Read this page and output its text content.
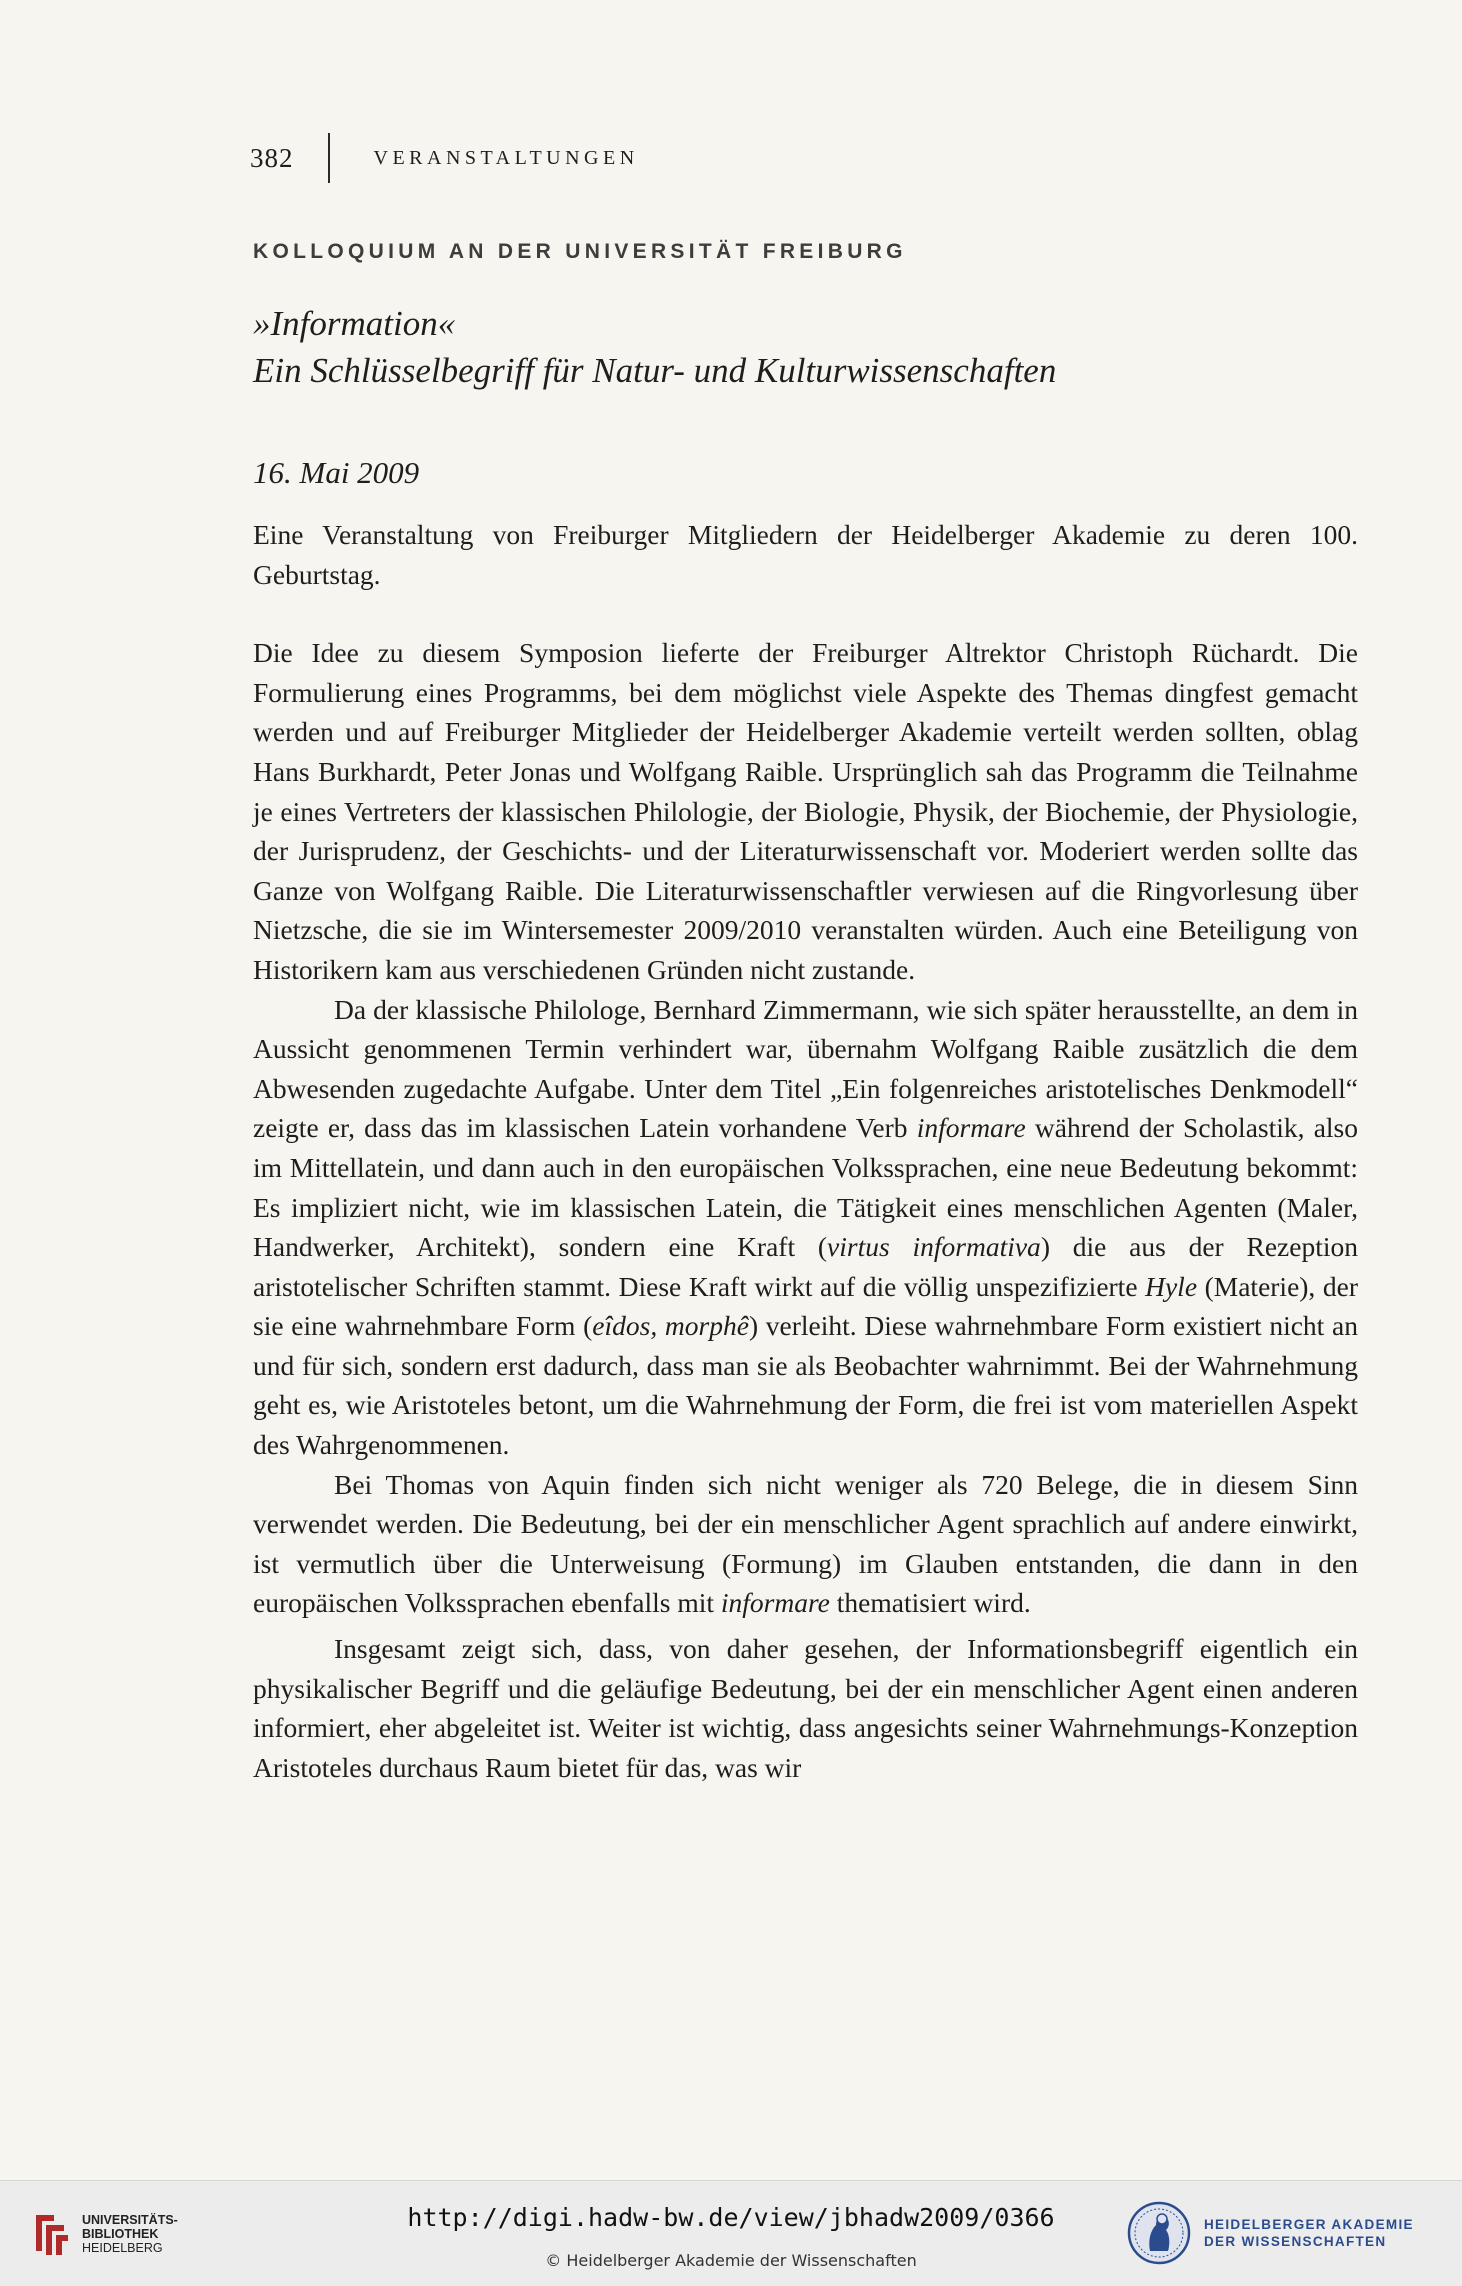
382	VERANSTALTUNGEN
KOLLOQUIUM AN DER UNIVERSITÄT FREIBURG
»Information«
Ein Schlüsselbegriff für Natur- und Kulturwissenschaften
16. Mai 2009

Eine Veranstaltung von Freiburger Mitgliedern der Heidelberger Akademie zu deren 100. Geburtstag.

Die Idee zu diesem Symposion lieferte der Freiburger Altrektor Christoph Rüchardt. Die Formulierung eines Programms, bei dem möglichst viele Aspekte des Themas dingfest gemacht werden und auf Freiburger Mitglieder der Heidelberger Akademie verteilt werden sollten, oblag Hans Burkhardt, Peter Jonas und Wolfgang Raible. Ursprünglich sah das Programm die Teilnahme je eines Vertreters der klassischen Philologie, der Biologie, Physik, der Biochemie, der Physiologie, der Jurisprudenz, der Geschichts- und der Literaturwissenschaft vor. Moderiert werden sollte das Ganze von Wolfgang Raible. Die Literaturwissenschaftler verwiesen auf die Ringvorlesung über Nietzsche, die sie im Wintersemester 2009/2010 veranstalten würden. Auch eine Beteiligung von Historikern kam aus verschiedenen Gründen nicht zustande.

Da der klassische Philologe, Bernhard Zimmermann, wie sich später herausstellte, an dem in Aussicht genommenen Termin verhindert war, übernahm Wolfgang Raible zusätzlich die dem Abwesenden zugedachte Aufgabe. Unter dem Titel „Ein folgenreiches aristotelisches Denkmodell“ zeigte er, dass das im klassischen Latein vorhandene Verb informare während der Scholastik, also im Mittellatein, und dann auch in den europäischen Volkssprachen, eine neue Bedeutung bekommt: Es impliziert nicht, wie im klassischen Latein, die Tätigkeit eines menschlichen Agenten (Maler, Handwerker, Architekt), sondern eine Kraft (virtus informativa) die aus der Rezeption aristotelischer Schriften stammt. Diese Kraft wirkt auf die völlig unspezifizierte Hyle (Materie), der sie eine wahrnehmbare Form (eîdos, morphê) verleiht. Diese wahrnehmbare Form existiert nicht an und für sich, sondern erst dadurch, dass man sie als Beobachter wahrnimmt. Bei der Wahrnehmung geht es, wie Aristoteles betont, um die Wahrnehmung der Form, die frei ist vom materiellen Aspekt des Wahrgenommenen.

Bei Thomas von Aquin finden sich nicht weniger als 720 Belege, die in diesem Sinn verwendet werden. Die Bedeutung, bei der ein menschlicher Agent sprachlich auf andere einwirkt, ist vermutlich über die Unterweisung (Formung) im Glauben entstanden, die dann in den europäischen Volkssprachen ebenfalls mit informare thematisiert wird.

Insgesamt zeigt sich, dass, von daher gesehen, der Informationsbegriff eigentlich ein physikalischer Begriff und die geläufige Bedeutung, bei der ein menschlicher Agent einen anderen informiert, eher abgeleitet ist. Weiter ist wichtig, dass angesichts seiner Wahrnehmungs-Konzeption Aristoteles durchaus Raum bietet für das, was wir

UNIVERSITÄTS-
BIBLIOTHEK
HEIDELBERG
http://digi.hadw-bw.de/view/jbhadw2009/0366
© Heidelberger Akademie der Wissenschaften
HEIDELBERGER AKADEMIE
DER WISSENSCHAFTEN
